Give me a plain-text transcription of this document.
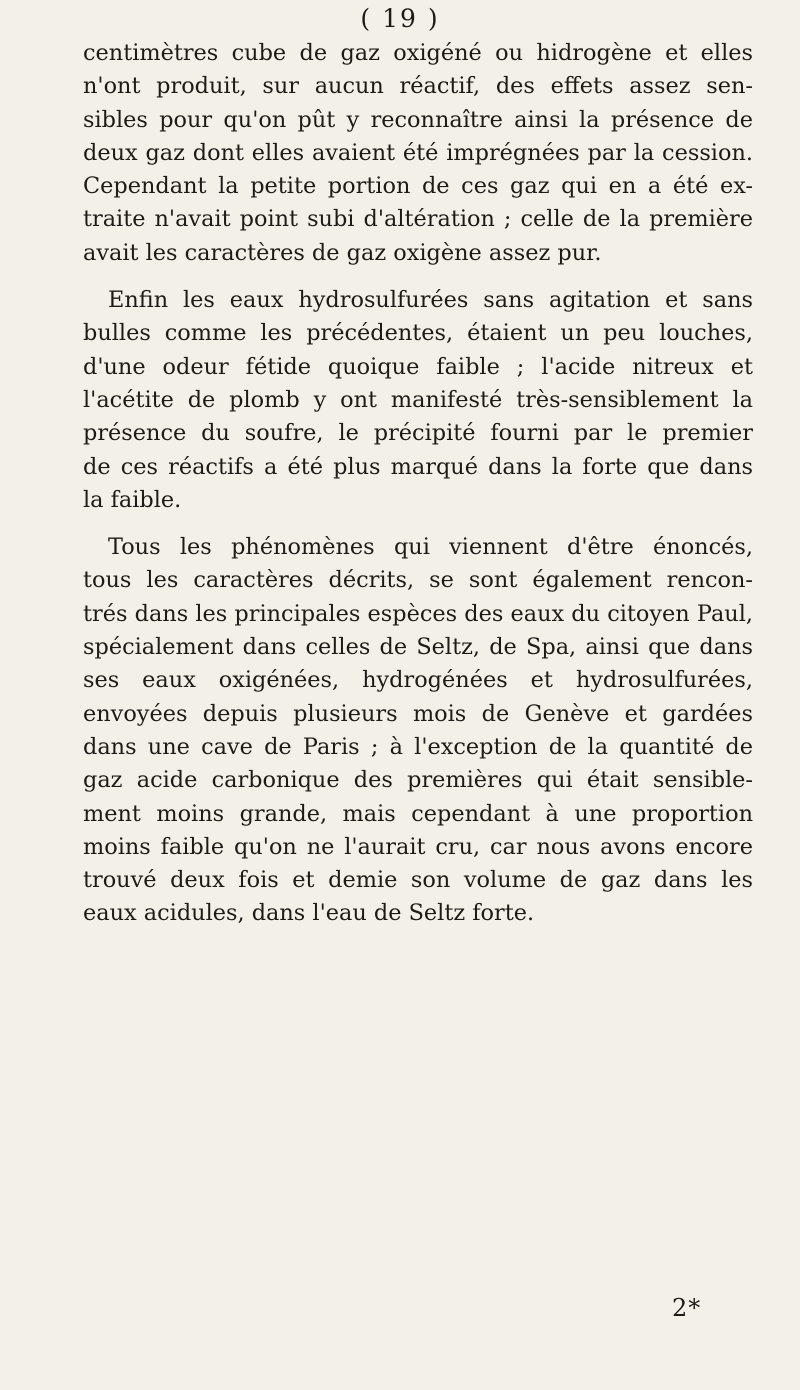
( 19 )
centimètres cube de gaz oxigéné ou hidrogène et elles
n'ont produit, sur aucun réactif, des effets assez sen-
sibles pour qu'on pût y reconnaître ainsi la présence de
deux gaz dont elles avaient été imprégnées par la cession.
Cependant la petite portion de ces gaz qui en a été ex-
traite n'avait point subi d'altération ; celle de la première
avait les caractères de gaz oxigène assez pur.
Enfin les eaux hydrosulfurées sans agitation et sans
bulles comme les précédentes, étaient un peu louches,
d'une odeur fétide quoique faible ; l'acide nitreux et
l'acétite de plomb y ont manifesté très-sensiblement la
présence du soufre, le précipité fourni par le premier
de ces réactifs a été plus marqué dans la forte que dans
la faible.
Tous les phénomènes qui viennent d'être énoncés,
tous les caractères décrits, se sont également rencon-
trés dans les principales espèces des eaux du citoyen Paul,
spécialement dans celles de Seltz, de Spa, ainsi que dans
ses eaux oxigénées, hydrogénées et hydrosulfurées,
envoyées depuis plusieurs mois de Genève et gardées
dans une cave de Paris ; à l'exception de la quantité de
gaz acide carbonique des premières qui était sensible-
ment moins grande, mais cependant à une proportion
moins faible qu'on ne l'aurait cru, car nous avons encore
trouvé deux fois et demie son volume de gaz dans les
eaux acidules, dans l'eau de Seltz forte.
2*
